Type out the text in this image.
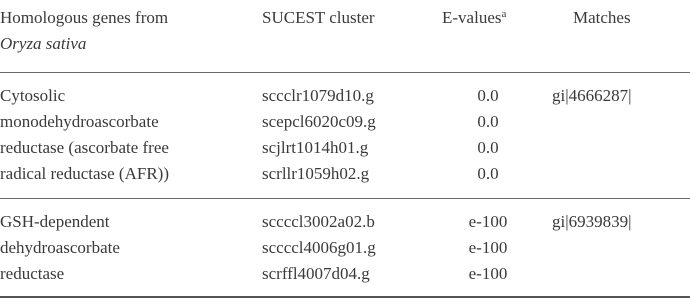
Homologous genes from
Oryza sativa
SUCEST cluster	E-values$^a$	Matches
Cytosolic
monodehydroascorbate
reductase (ascorbate free
radical reductase (AFR))
sccclr1079d10.g
scepcl6020c09.g
scjlrt1014h01.g
scrllr1059h02.g
0.0
0.0
0.0
0.0
gi|4666287|
GSH-dependent
dehydroascorbate
reductase
sccccl3002a02.b
sccccl4006g01.g
scrffl4007d04.g
e-100
e-100
e-100
gi|6939839|
